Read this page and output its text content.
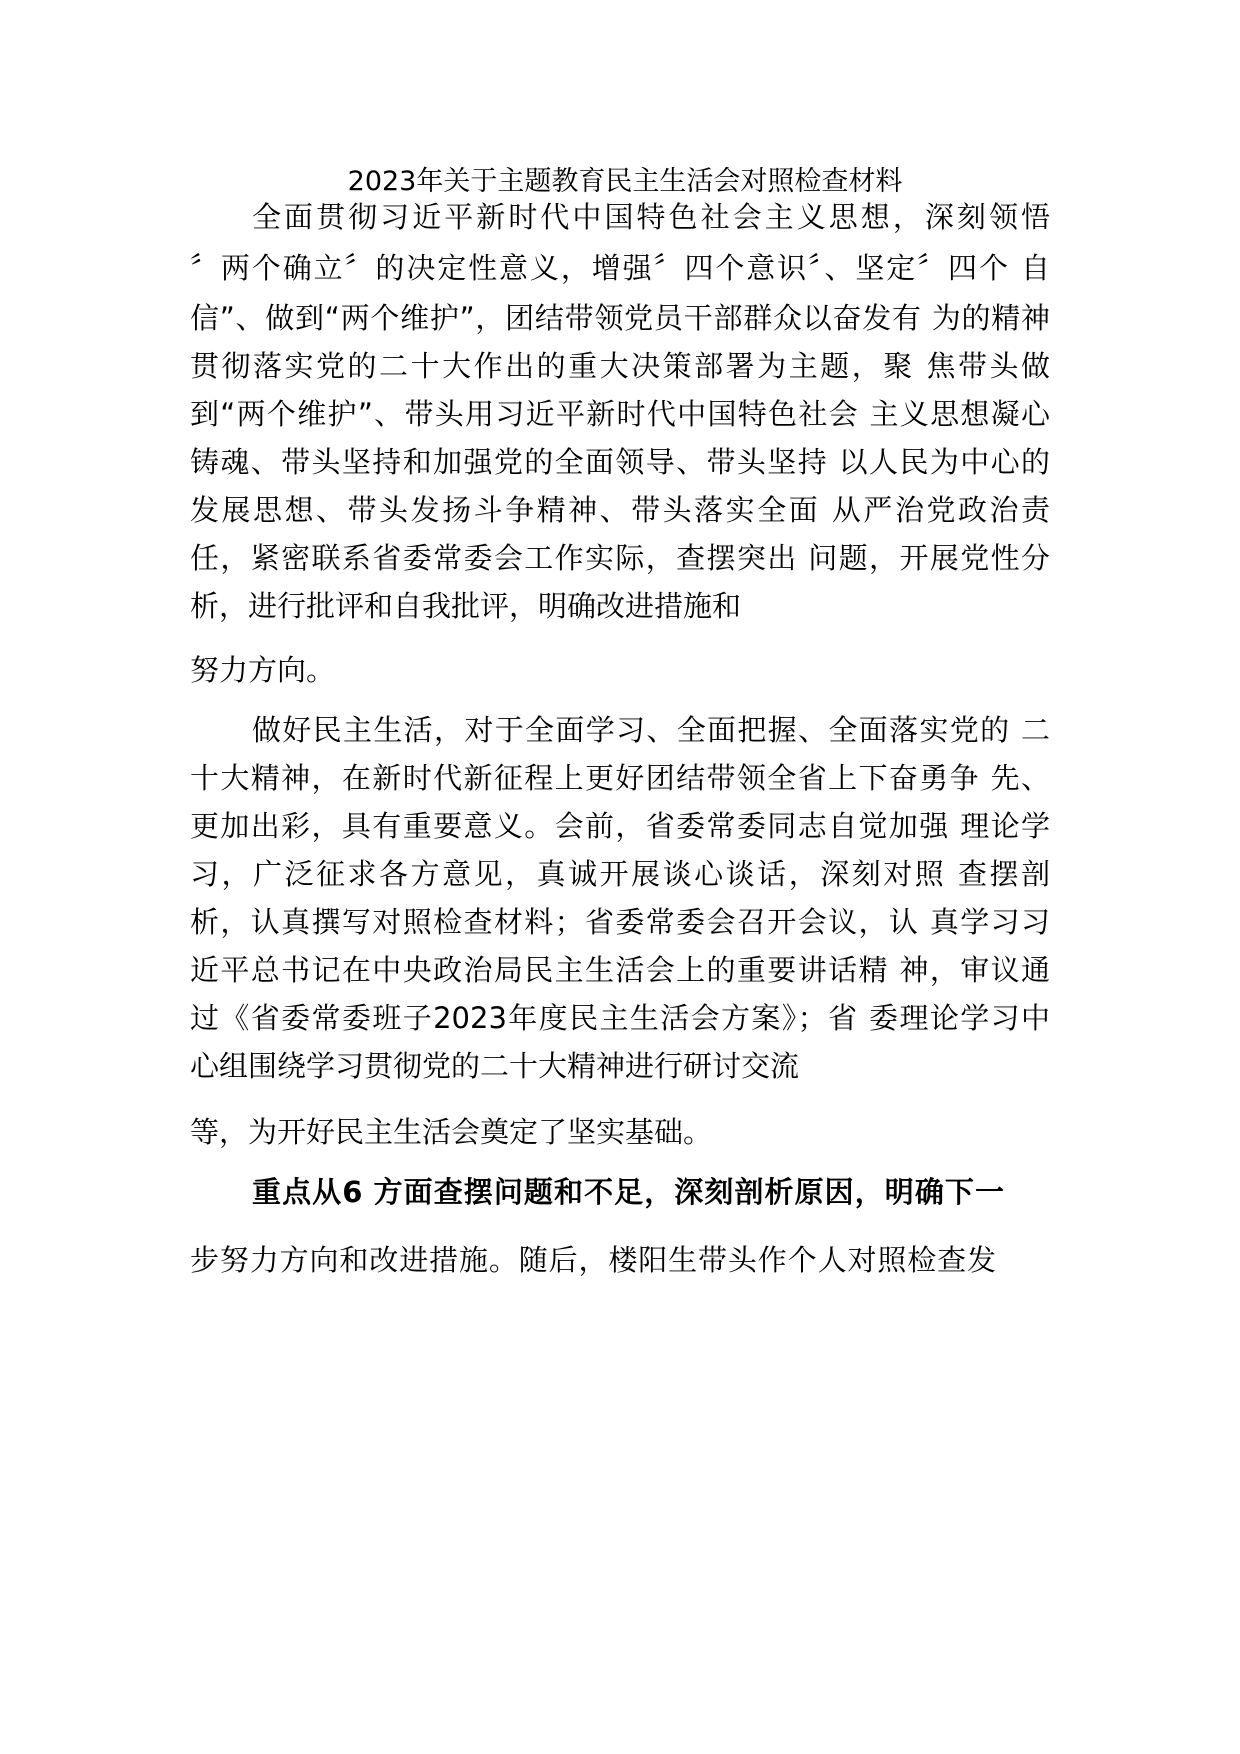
2023年关于主题教育民主生活会对照检查材料
全面贯彻习近平新时代中国特色社会主义思想，深刻领悟
〞两个确立〞的决定性意义，增强〞四个意识〞、坚定〞四个 自
信”、做到“两个维护”，团结带领党员干部群众以奋发有 为的精神
贯彻落实党的二十大作出的重大决策部署为主题，聚 焦带头做
到“两个维护”、带头用习近平新时代中国特色社会 主义思想凝心
铸魂、带头坚持和加强党的全面领导、带头坚持 以人民为中心的
发展思想、带头发扬斗争精神、带头落实全面 从严治党政治责
任，紧密联系省委常委会工作实际，查摆突出 问题，开展党性分
析，进行批评和自我批评，明确改进措施和
努力方向。
做好民主生活，对于全面学习、全面把握、全面落实党的 二
十大精神，在新时代新征程上更好团结带领全省上下奋勇争 先、
更加出彩，具有重要意义。会前，省委常委同志自觉加强 理论学
习，广泛征求各方意见，真诚开展谈心谈话，深刻对照 查摆剖
析，认真撰写对照检查材料；省委常委会召开会议，认 真学习习
近平总书记在中央政治局民主生活会上的重要讲话精 神，审议通
过《省委常委班子2023年度民主生活会方案》；省 委理论学习中
心组围绕学习贯彻党的二十大精神进行研讨交流
等，为开好民主生活会奠定了坚实基础。
重点从6 方面查摆问题和不足，深刻剖析原因，明确下一
步努力方向和改进措施。随后，楼阳生带头作个人对照检查发
